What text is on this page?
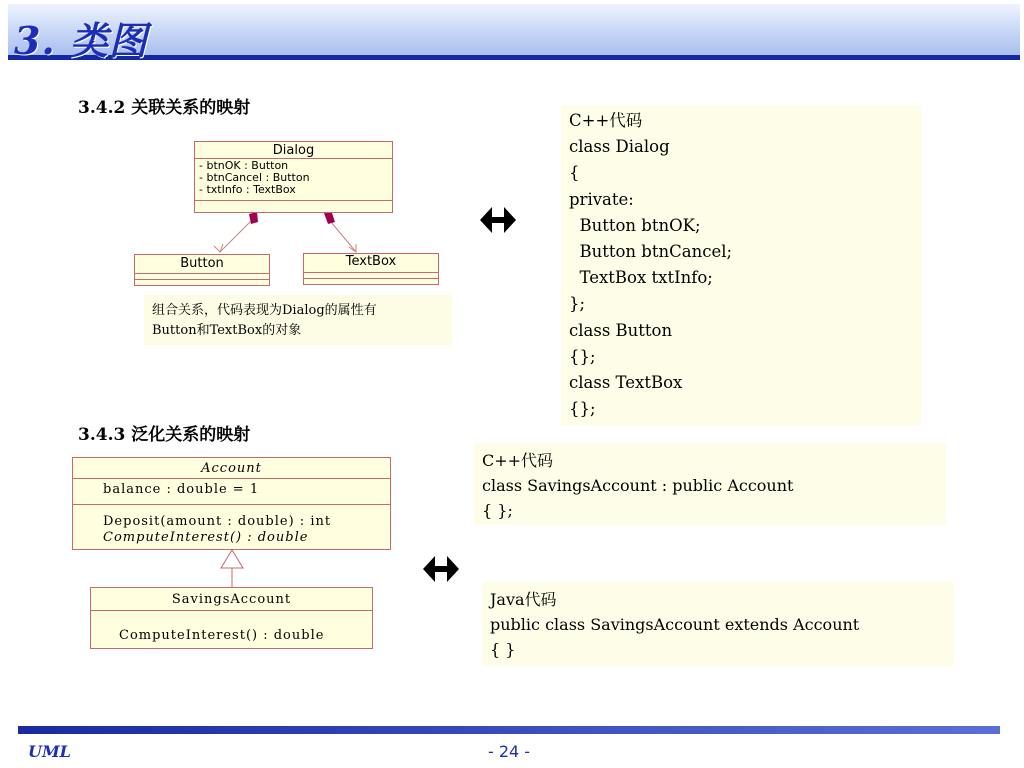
3. 类图
3.4.2 关联关系的映射
Dialog
- btnOK : Button
- btnCancel : Button
- txtInfo : TextBox
Button	TextBox
组合关系，代码表现为Dialog的属性有
Button和TextBox的对象
C++代码
class Dialog
{
private:
Button btnOK;
Button btnCancel;
TextBox txtInfo;
};
class Button
{};
class TextBox
{};
3.4.3 泛化关系的映射
Account
balance : double = 1
Deposit(amount : double) : int
ComputeInterest() : double
SavingsAccount
ComputeInterest() : double
C++代码
class SavingsAccount : public Account
{ };
Java代码
public class SavingsAccount extends Account
{ }
UML	- 24 -
